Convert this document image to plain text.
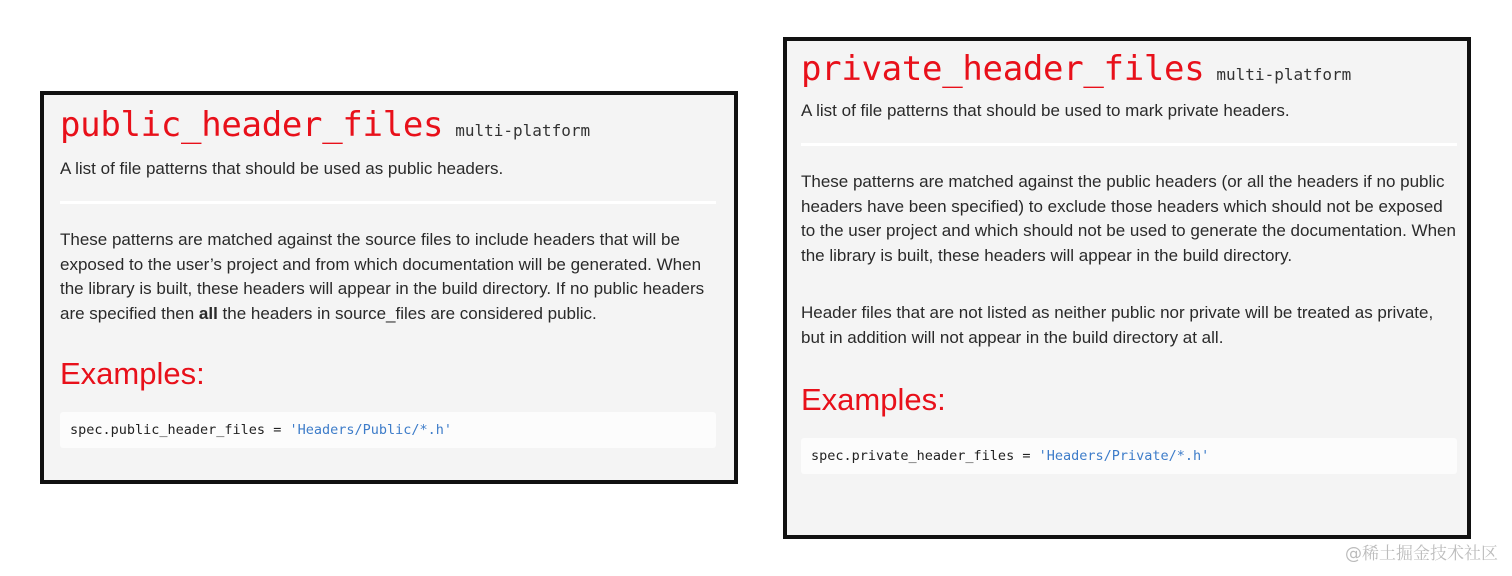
public_header_files multi-platform

A list of file patterns that should be used as public headers.

These patterns are matched against the source files to include headers that will be exposed to the user’s project and from which documentation will be generated. When the library is built, these headers will appear in the build directory. If no public headers are specified then all the headers in source_files are considered public.

Examples:
spec.public_header_files = 'Headers/Public/*.h'
private_header_files multi-platform

A list of file patterns that should be used to mark private headers.

These patterns are matched against the public headers (or all the headers if no public headers have been specified) to exclude those headers which should not be exposed to the user project and which should not be used to generate the documentation. When the library is built, these headers will appear in the build directory.

Header files that are not listed as neither public nor private will be treated as private, but in addition will not appear in the build directory at all.

Examples:
spec.private_header_files = 'Headers/Private/*.h'
@稀土掘金技术社区
